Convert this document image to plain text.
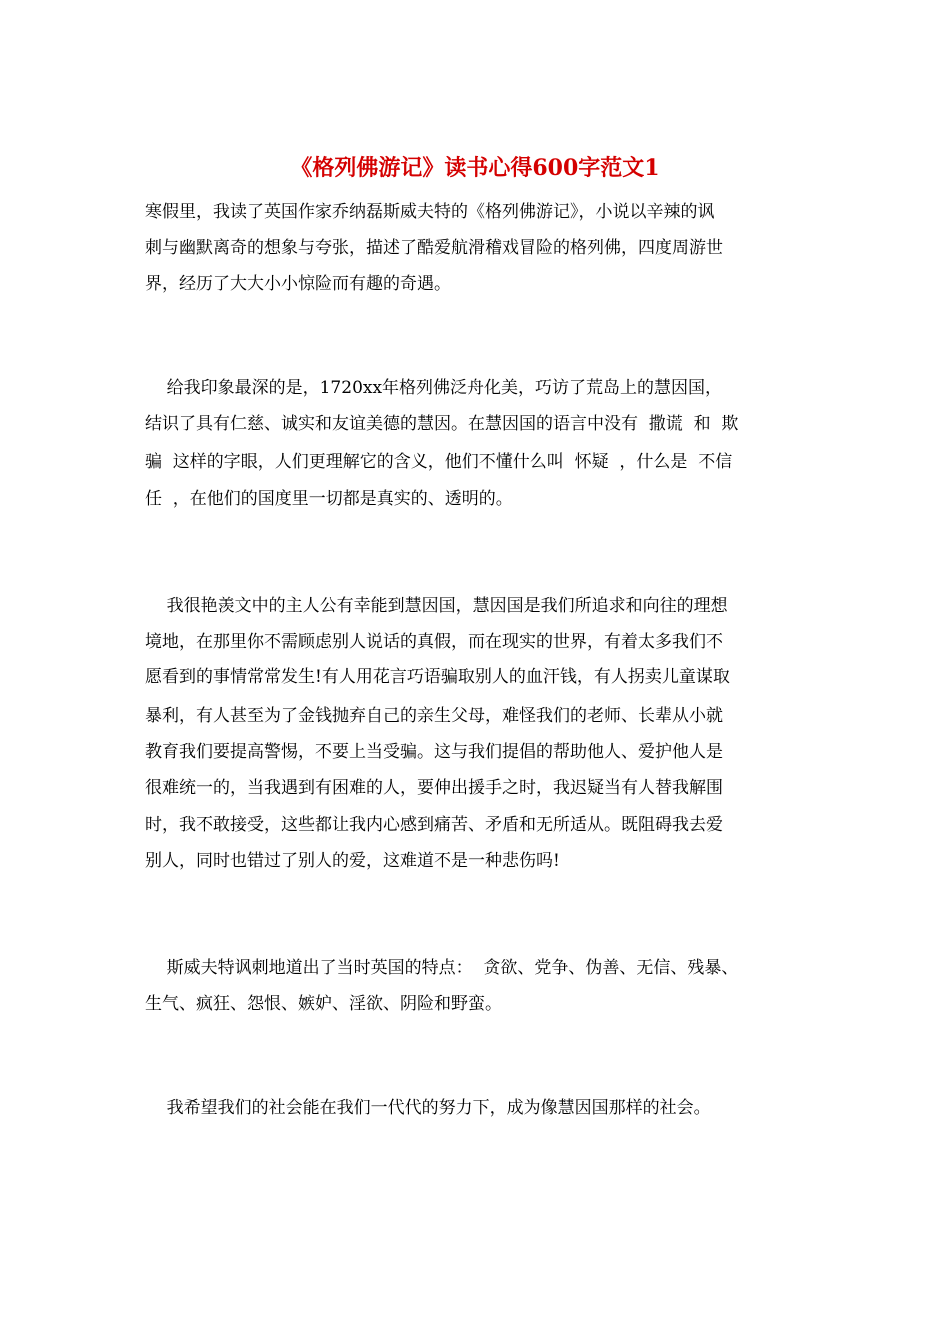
《格列佛游记》读书心得600字范文1
寒假里，我读了英国作家乔纳磊斯威夫特的《格列佛游记》，小说以辛辣的讽
刺与幽默离奇的想象与夸张，描述了酷爱航滑稽戏冒险的格列佛，四度周游世
界，经历了大大小小惊险而有趣的奇遇。
给我印象最深的是，1720xx年格列佛泛舟化美，巧访了荒岛上的慧因国，
结识了具有仁慈、诚实和友谊美德的慧因。在慧因国的语言中没有  撒谎  和  欺
骗  这样的字眼，人们更理解它的含义，他们不懂什么叫  怀疑  ，什么是  不信
任  ，在他们的国度里一切都是真实的、透明的。
我很艳羡文中的主人公有幸能到慧因国，慧因国是我们所追求和向往的理想
境地，在那里你不需顾虑别人说话的真假，而在现实的世界，有着太多我们不
愿看到的事情常常发生!有人用花言巧语骗取别人的血汗钱，有人拐卖儿童谋取
暴利，有人甚至为了金钱抛弃自己的亲生父母，难怪我们的老师、长辈从小就
教育我们要提高警惕，不要上当受骗。这与我们提倡的帮助他人、爱护他人是
很难统一的，当我遇到有困难的人，要伸出援手之时，我迟疑当有人替我解围
时，我不敢接受，这些都让我内心感到痛苦、矛盾和无所适从。既阻碍我去爱
别人，同时也错过了别人的爱，这难道不是一种悲伤吗!
斯威夫特讽刺地道出了当时英国的特点：  贪欲、党争、伪善、无信、残暴、
生气、疯狂、怨恨、嫉妒、淫欲、阴险和野蛮。
我希望我们的社会能在我们一代代的努力下，成为像慧因国那样的社会。
